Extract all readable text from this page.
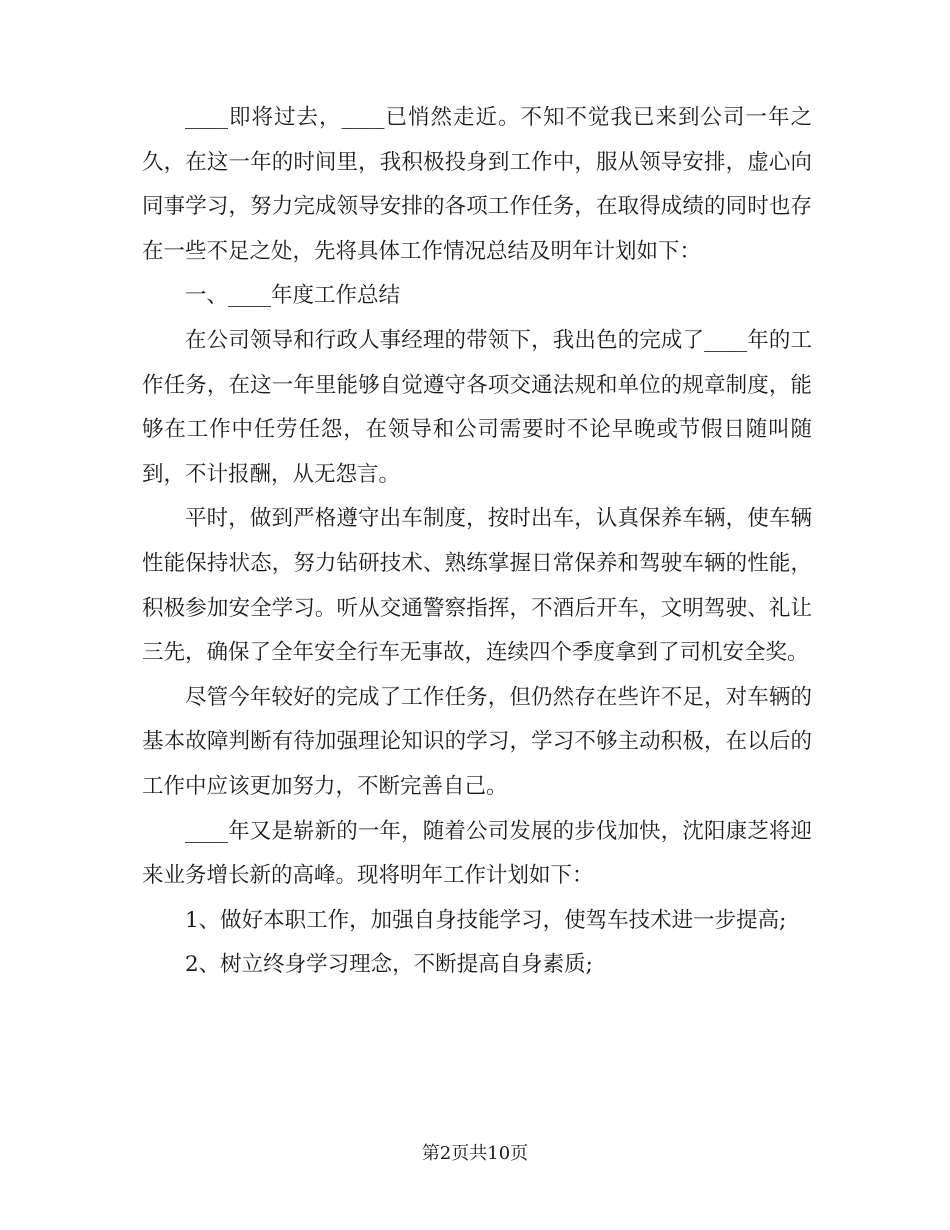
____即将过去，____已悄然走近。不知不觉我已来到公司一年之久，在这一年的时间里，我积极投身到工作中，服从领导安排，虚心向同事学习，努力完成领导安排的各项工作任务，在取得成绩的同时也存在一些不足之处，先将具体工作情况总结及明年计划如下：

一、____年度工作总结

在公司领导和行政人事经理的带领下，我出色的完成了____年的工作任务，在这一年里能够自觉遵守各项交通法规和单位的规章制度，能够在工作中任劳任怨，在领导和公司需要时不论早晚或节假日随叫随到，不计报酬，从无怨言。

平时，做到严格遵守出车制度，按时出车，认真保养车辆，使车辆性能保持状态，努力钻研技术、熟练掌握日常保养和驾驶车辆的性能，积极参加安全学习。听从交通警察指挥，不酒后开车，文明驾驶、礼让三先，确保了全年安全行车无事故，连续四个季度拿到了司机安全奖。

尽管今年较好的完成了工作任务，但仍然存在些许不足，对车辆的基本故障判断有待加强理论知识的学习，学习不够主动积极，在以后的工作中应该更加努力，不断完善自己。

____年又是崭新的一年，随着公司发展的步伐加快，沈阳康芝将迎来业务增长新的高峰。现将明年工作计划如下：

1、做好本职工作，加强自身技能学习，使驾车技术进一步提高;

2、树立终身学习理念，不断提高自身素质;

第2页共10页
